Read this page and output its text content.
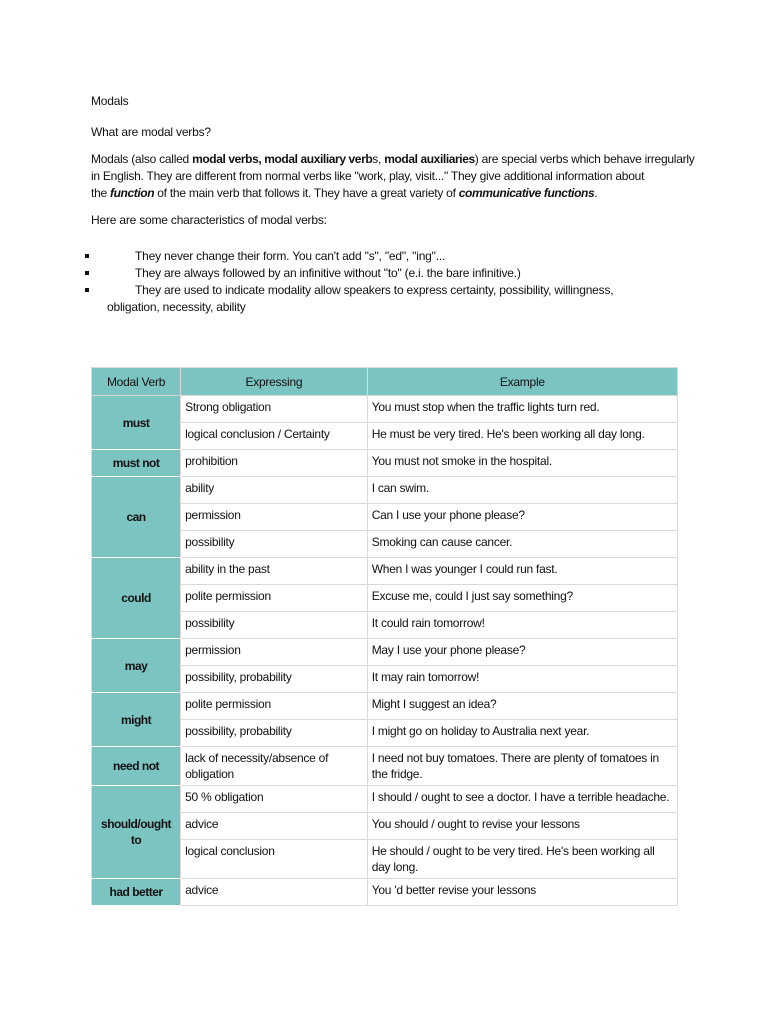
Modals
What are modal verbs?
Modals (also called modal verbs, modal auxiliary verbs, modal auxiliaries) are special verbs which behave irregularly
in English. They are different from normal verbs like "work, play, visit..." They give additional information about
the function of the main verb that follows it. They have a great variety of communicative functions.
Here are some characteristics of modal verbs:
They never change their form. You can't add "s", "ed", "ing"...
They are always followed by an infinitive without "to" (e.i. the bare infinitive.)
They are used to indicate modality allow speakers to express certainty, possibility, willingness,
obligation, necessity, ability
Modal Verb	Expressing	Example
must	Strong obligation	You must stop when the traffic lights turn red.
	logical conclusion / Certainty	He must be very tired. He's been working all day long.
must not	prohibition	You must not smoke in the hospital.
can	ability	I can swim.
	permission	Can I use your phone please?
	possibility	Smoking can cause cancer.
could	ability in the past	When I was younger I could run fast.
	polite permission	Excuse me, could I just say something?
	possibility	It could rain tomorrow!
may	permission	May I use your phone please?
	possibility, probability	It may rain tomorrow!
might	polite permission	Might I suggest an idea?
	possibility, probability	I might go on holiday to Australia next year.
need not	lack of necessity/absence of obligation	I need not buy tomatoes. There are plenty of tomatoes in the fridge.
should/ought to	50 % obligation	I should / ought to see a doctor. I have a terrible headache.
	advice	You should / ought to revise your lessons
	logical conclusion	He should / ought to be very tired. He's been working all day long.
had better	advice	You 'd better revise your lessons
